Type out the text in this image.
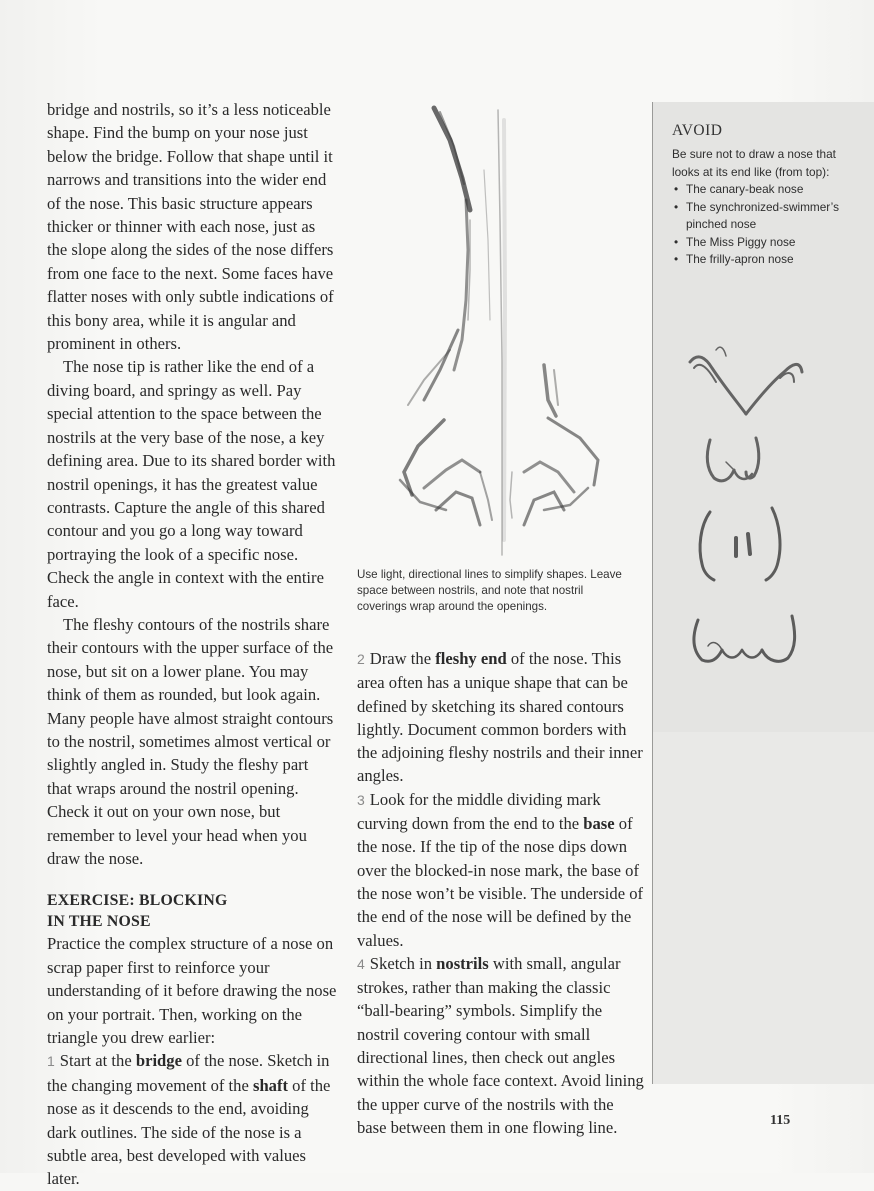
bridge and nostrils, so it’s a less noticeable shape. Find the bump on your nose just below the bridge. Follow that shape until it narrows and transitions into the wider end of the nose. This basic structure appears thicker or thinner with each nose, just as the slope along the sides of the nose differs from one face to the next. Some faces have flatter noses with only subtle indications of this bony area, while it is angular and prominent in others.

The nose tip is rather like the end of a diving board, and springy as well. Pay special attention to the space between the nostrils at the very base of the nose, a key defining area. Due to its shared border with nostril openings, it has the greatest value contrasts. Capture the angle of this shared contour and you go a long way toward portraying the look of a specific nose. Check the angle in context with the entire face.

The fleshy contours of the nostrils share their contours with the upper surface of the nose, but sit on a lower plane. You may think of them as rounded, but look again. Many people have almost straight contours to the nostril, sometimes almost vertical or slightly angled in. Study the fleshy part that wraps around the nostril opening. Check it out on your own nose, but remember to level your head when you draw the nose.

EXERCISE: BLOCKING
IN THE NOSE

Practice the complex structure of a nose on scrap paper first to reinforce your understanding of it before drawing the nose on your portrait. Then, working on the triangle you drew earlier:

1 Start at the bridge of the nose. Sketch in the changing movement of the shaft of the nose as it descends to the end, avoiding dark outlines. The side of the nose is a subtle area, best developed with values later.

Use light, directional lines to simplify shapes. Leave space between nostrils, and note that nostril coverings wrap around the openings.

2 Draw the fleshy end of the nose. This area often has a unique shape that can be defined by sketching its shared contours lightly. Document common borders with the adjoining fleshy nostrils and their inner angles.

3 Look for the middle dividing mark curving down from the end to the base of the nose. If the tip of the nose dips down over the blocked-in nose mark, the base of the nose won’t be visible. The underside of the end of the nose will be defined by the values.

4 Sketch in nostrils with small, angular strokes, rather than making the classic “ball-bearing” symbols. Simplify the nostril covering contour with small directional lines, then check out angles within the whole face context. Avoid lining the upper curve of the nostrils with the base between them in one flowing line.

AVOID
Be sure not to draw a nose that looks at its end like (from top):
• The canary-beak nose
• The synchronized-swimmer’s pinched nose
• The Miss Piggy nose
• The frilly-apron nose
115
